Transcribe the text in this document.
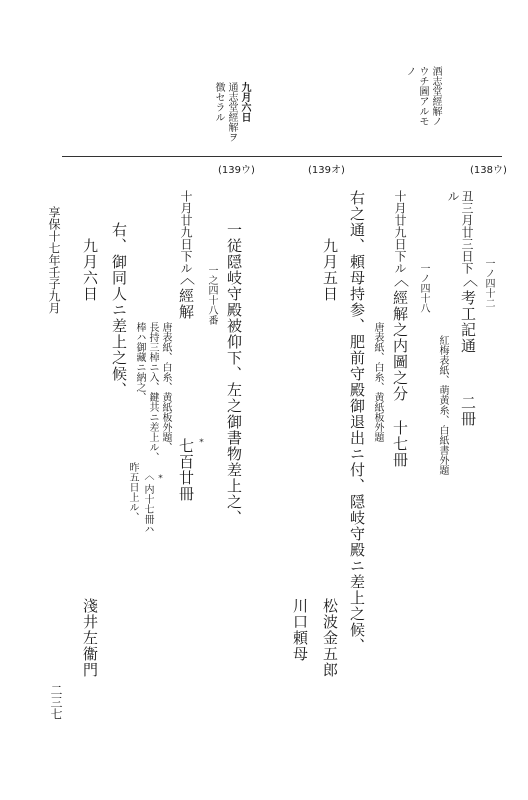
酒志堂經解ノ
ウチ圖アルモ
ノ
九月六日
通志堂經解ヲ
徴セラル
(138ウ)
(139オ)
(139ウ)
一ノ四十二
丑三月廿三日下
ル
〈
考工記通
二冊
紅梅表紙、萌黄糸、白紙書外題
一ノ四十八
十月廿九日下ル
〈
經解之内圖之分
十七冊
唐表紙、白糸、黄紙板外題
右之通、頼母持参、肥前守殿御退出ニ付、隠岐守殿ニ差上之候、
九月五日
松波金五郎
川口頼母
一従隠岐守殿被仰下、左之御書物差上之、
一之四十八番
十月廿九日下ル
〈
經解
七百廿冊 *
唐表紙、白糸、黄紙板外題、
長持三棹ニ入、鍵共ニ差上ル、
棒ハ御藏ニ納之、
〈
内十七冊ハ
*
昨五日上ル、
右、御同人ニ差上之候、
九月六日
淺井左衞門
享保十七年壬子九月
二三七
